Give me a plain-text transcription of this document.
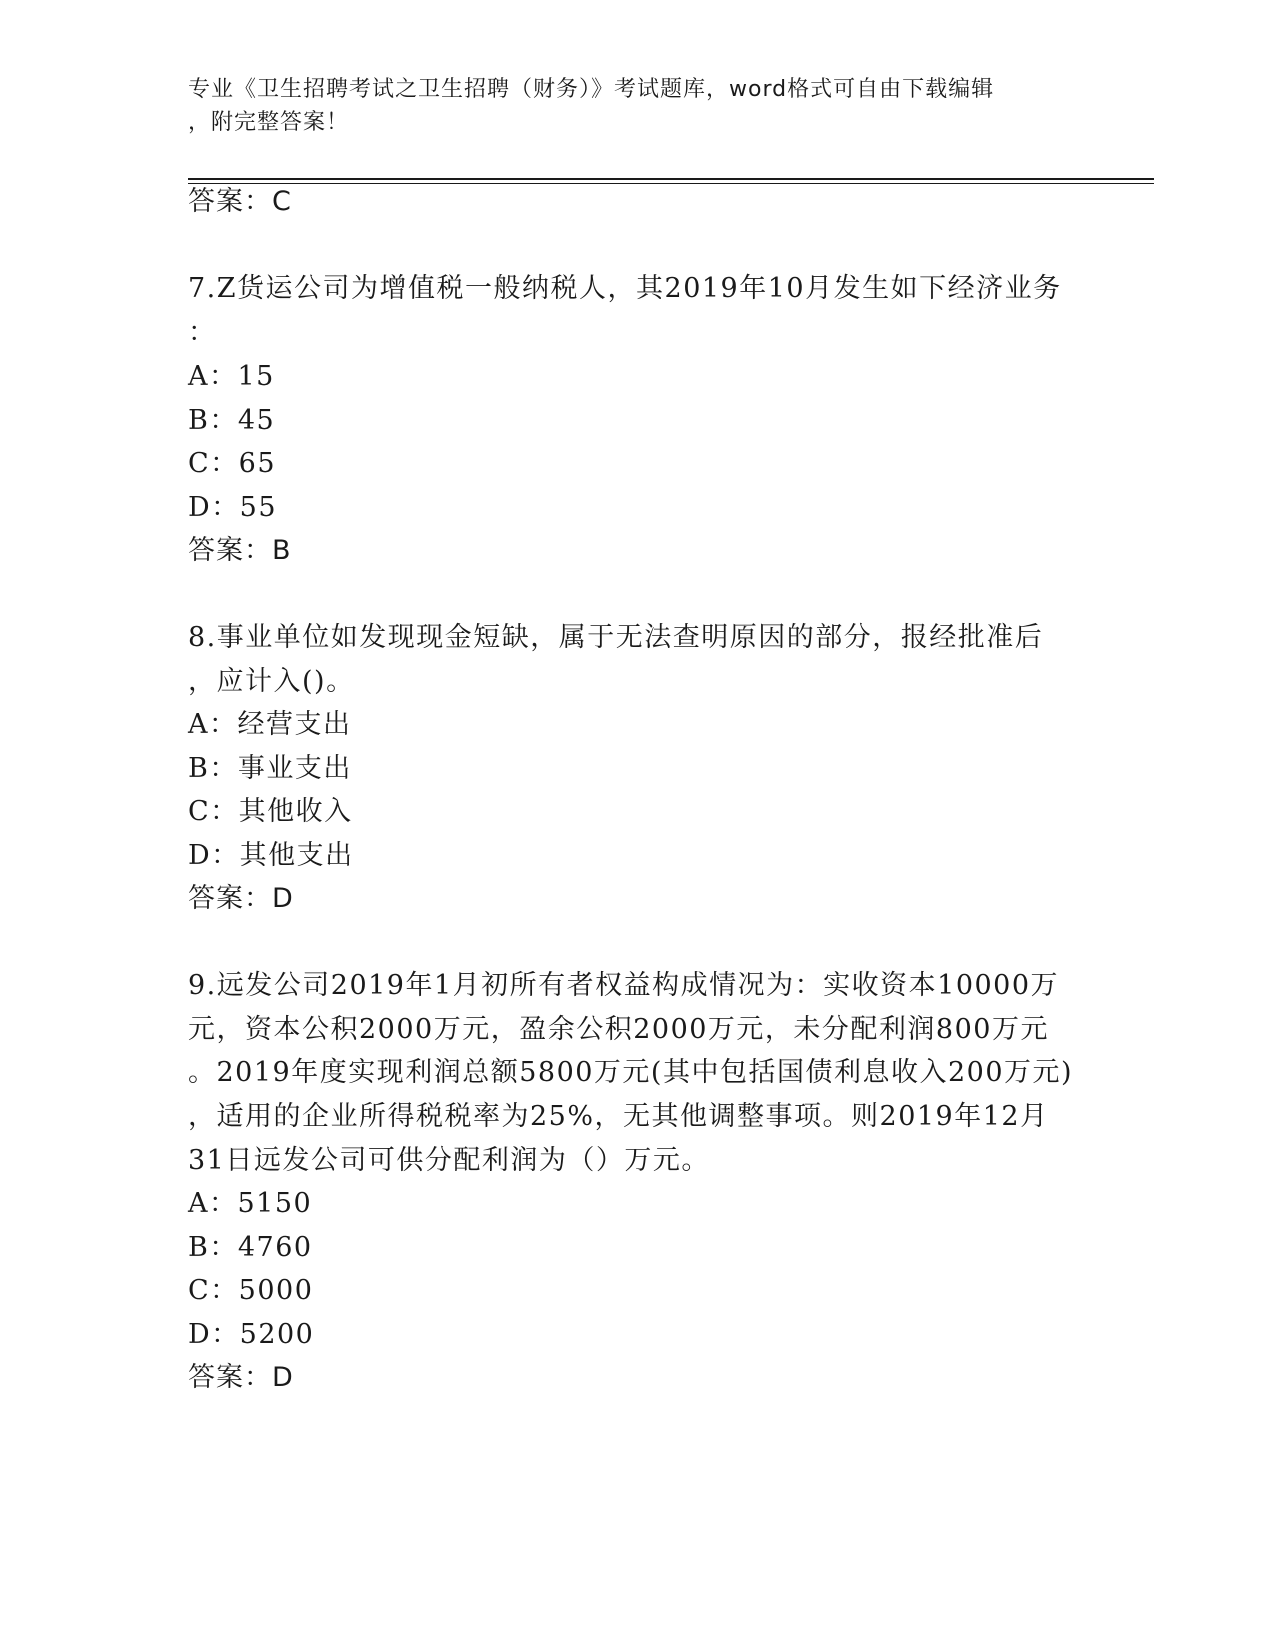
专业《卫生招聘考试之卫生招聘（财务）》考试题库，word格式可自由下载编辑
，附完整答案！
答案：C
7.Z货运公司为增值税一般纳税人，其2019年10月发生如下经济业务
：
A：15
B：45
C：65
D：55
答案：B
8.事业单位如发现现金短缺，属于无法查明原因的部分，报经批准后
，应计入()。
A：经营支出
B：事业支出
C：其他收入
D：其他支出
答案：D
9.远发公司2019年1月初所有者权益构成情况为：实收资本10000万
元，资本公积2000万元，盈余公积2000万元，未分配利润800万元
。2019年度实现利润总额5800万元(其中包括国债利息收入200万元)
，适用的企业所得税税率为25%，无其他调整事项。则2019年12月
31日远发公司可供分配利润为（）万元。
A：5150
B：4760
C：5000
D：5200
答案：D
